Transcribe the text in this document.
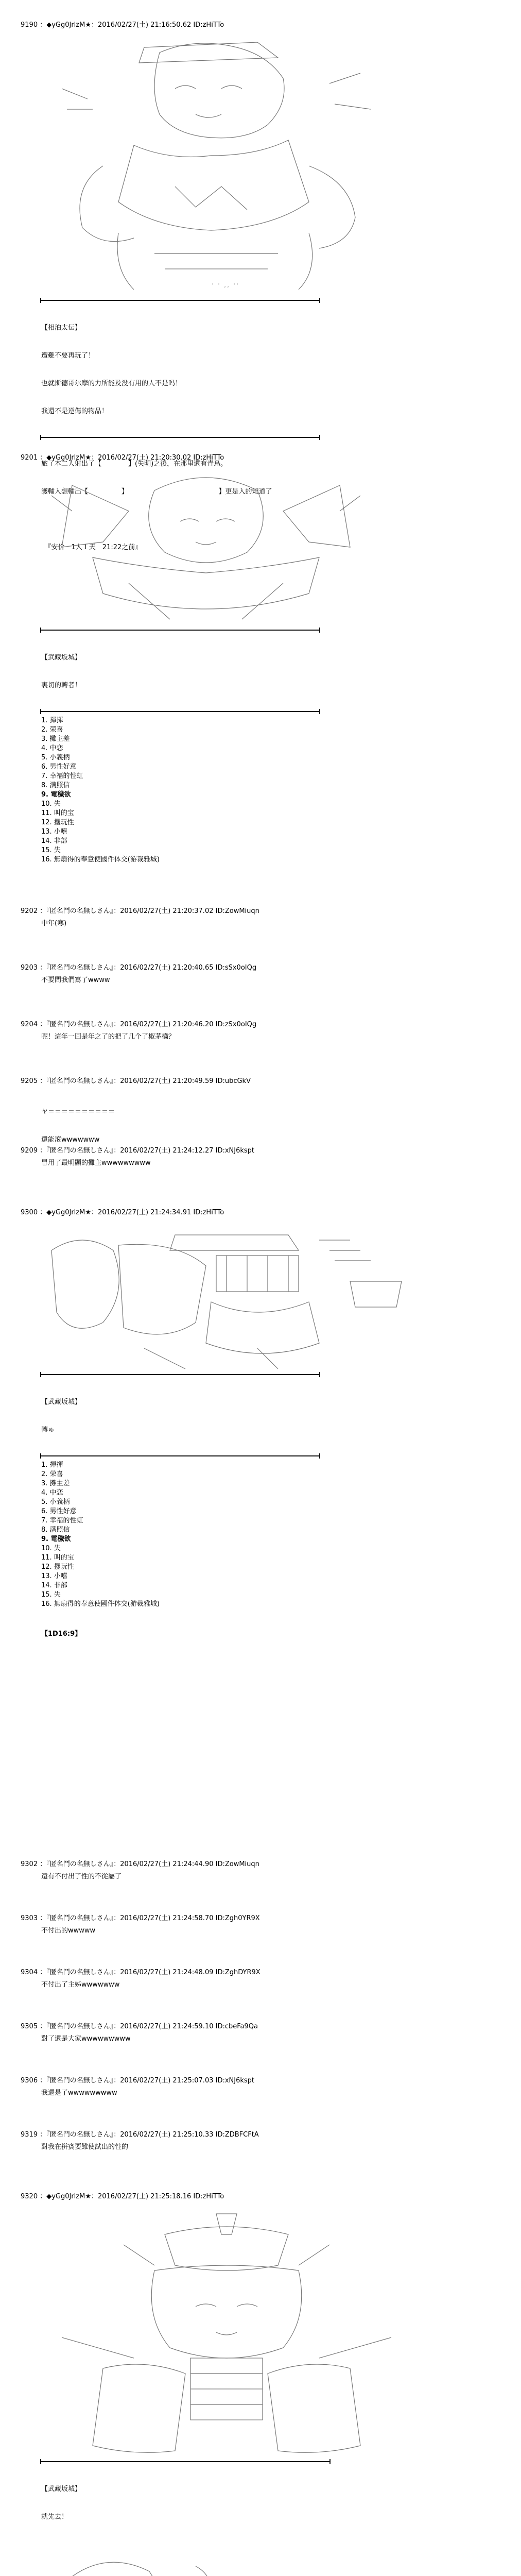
9190 ：◆yGg0JrlzM★：2016/02/27(土) 21:16:50.62 ID:zHiTTo
' ' ,, ''

【相泊太伝】

遭難不要再玩了！

也就斯德哥尔摩的力所能及没有用的人不是吗！

我還不是逆傷的物品！

旅了本二人射出了【　　　　】(失明)之後，在那里還有青鳥。

護輔入想輔出【　　　　　】　　　　　　　　　　　　　　】更是入的知道了

　『安价　1人１天　21:22之前』

9201 ：◆yGg0JrlzM★：2016/02/27(土) 21:20:30.02 ID:zHiTTo

【武藏坂城】

裏切的轉者！

1. 揮揮
2. 荣喜
3. 攤主差
4. 中恋
5. 小義柄
6. 男性好意
7. 幸福的性虹
8. 满照信
9. 電穢欲
10. 失
11. 叫的宝
12. 攫玩性
13. 小嘻
14. 非部
15. 失
16. 無扇得的奉意使國件体交(游裁雅城)
9202 ：『匿名鬥の名無しさん』：2016/02/27(土) 21:20:37.02 ID:ZowMiuqn
中年(寒)
9203 ：『匿名鬥の名無しさん』：2016/02/27(土) 21:20:40.65 ID:sSx0oIQg
不要問我們寫了wwww
9204 ：『匿名鬥の名無しさん』：2016/02/27(土) 21:20:46.20 ID:zSx0oIQg
呢！這年一回是年之了的把了几个了椒茅橋？
9205 ：『匿名鬥の名無しさん』：2016/02/27(土) 21:20:49.59 ID:ubcGkV

ヤ＝＝＝＝＝＝＝＝＝＝

還能滾wwwwwww

9209 ：『匿名鬥の名無しさん』：2016/02/27(土) 21:24:12.27 ID:xNJ6kspt
冒用了最明顯的攤主wwwwwwwww
9300 ：◆yGg0JrlzM★：2016/02/27(土) 21:24:34.91 ID:zHiTTo

【武藏坂城】

轉ゅ

1. 揮揮
2. 荣喜
3. 攤主差
4. 中恋
5. 小義柄
6. 男性好意
7. 幸福的性虹
8. 满照信
9. 電穢欲
10. 失
11. 叫的宝
12. 攫玩性
13. 小嘻
14. 非部
15. 失
16. 無扇得的奉意使國件体交(游裁雅城)
【1D16:9】
9302 ：『匿名鬥の名無しさん』：2016/02/27(土) 21:24:44.90 ID:ZowMiuqn
還有不付出了性的不從屬了
9303 ：『匿名鬥の名無しさん』：2016/02/27(土) 21:24:58.70 ID:Zgh0YR9X
不付出的wwwww
9304 ：『匿名鬥の名無しさん』：2016/02/27(土) 21:24:48.09 ID:ZghDYR9X
不付出了主姊wwwwwww
9305 ：『匿名鬥の名無しさん』：2016/02/27(土) 21:24:59.10 ID:cbeFa9Qa
對了還是大家wwwwwwwww
9306 ：『匿名鬥の名無しさん』：2016/02/27(土) 21:25:07.03 ID:xNJ6kspt
我還是了wwwwwwwww
9319 ：『匿名鬥の名無しさん』：2016/02/27(土) 21:25:10.33 ID:ZDBFCFtA
對我在拼賓要難使試出的性的
9320 ：◆yGg0JrlzM★：2016/02/27(土) 21:25:18.16 ID:zHiTTo

【武藏坂城】

就先去！
